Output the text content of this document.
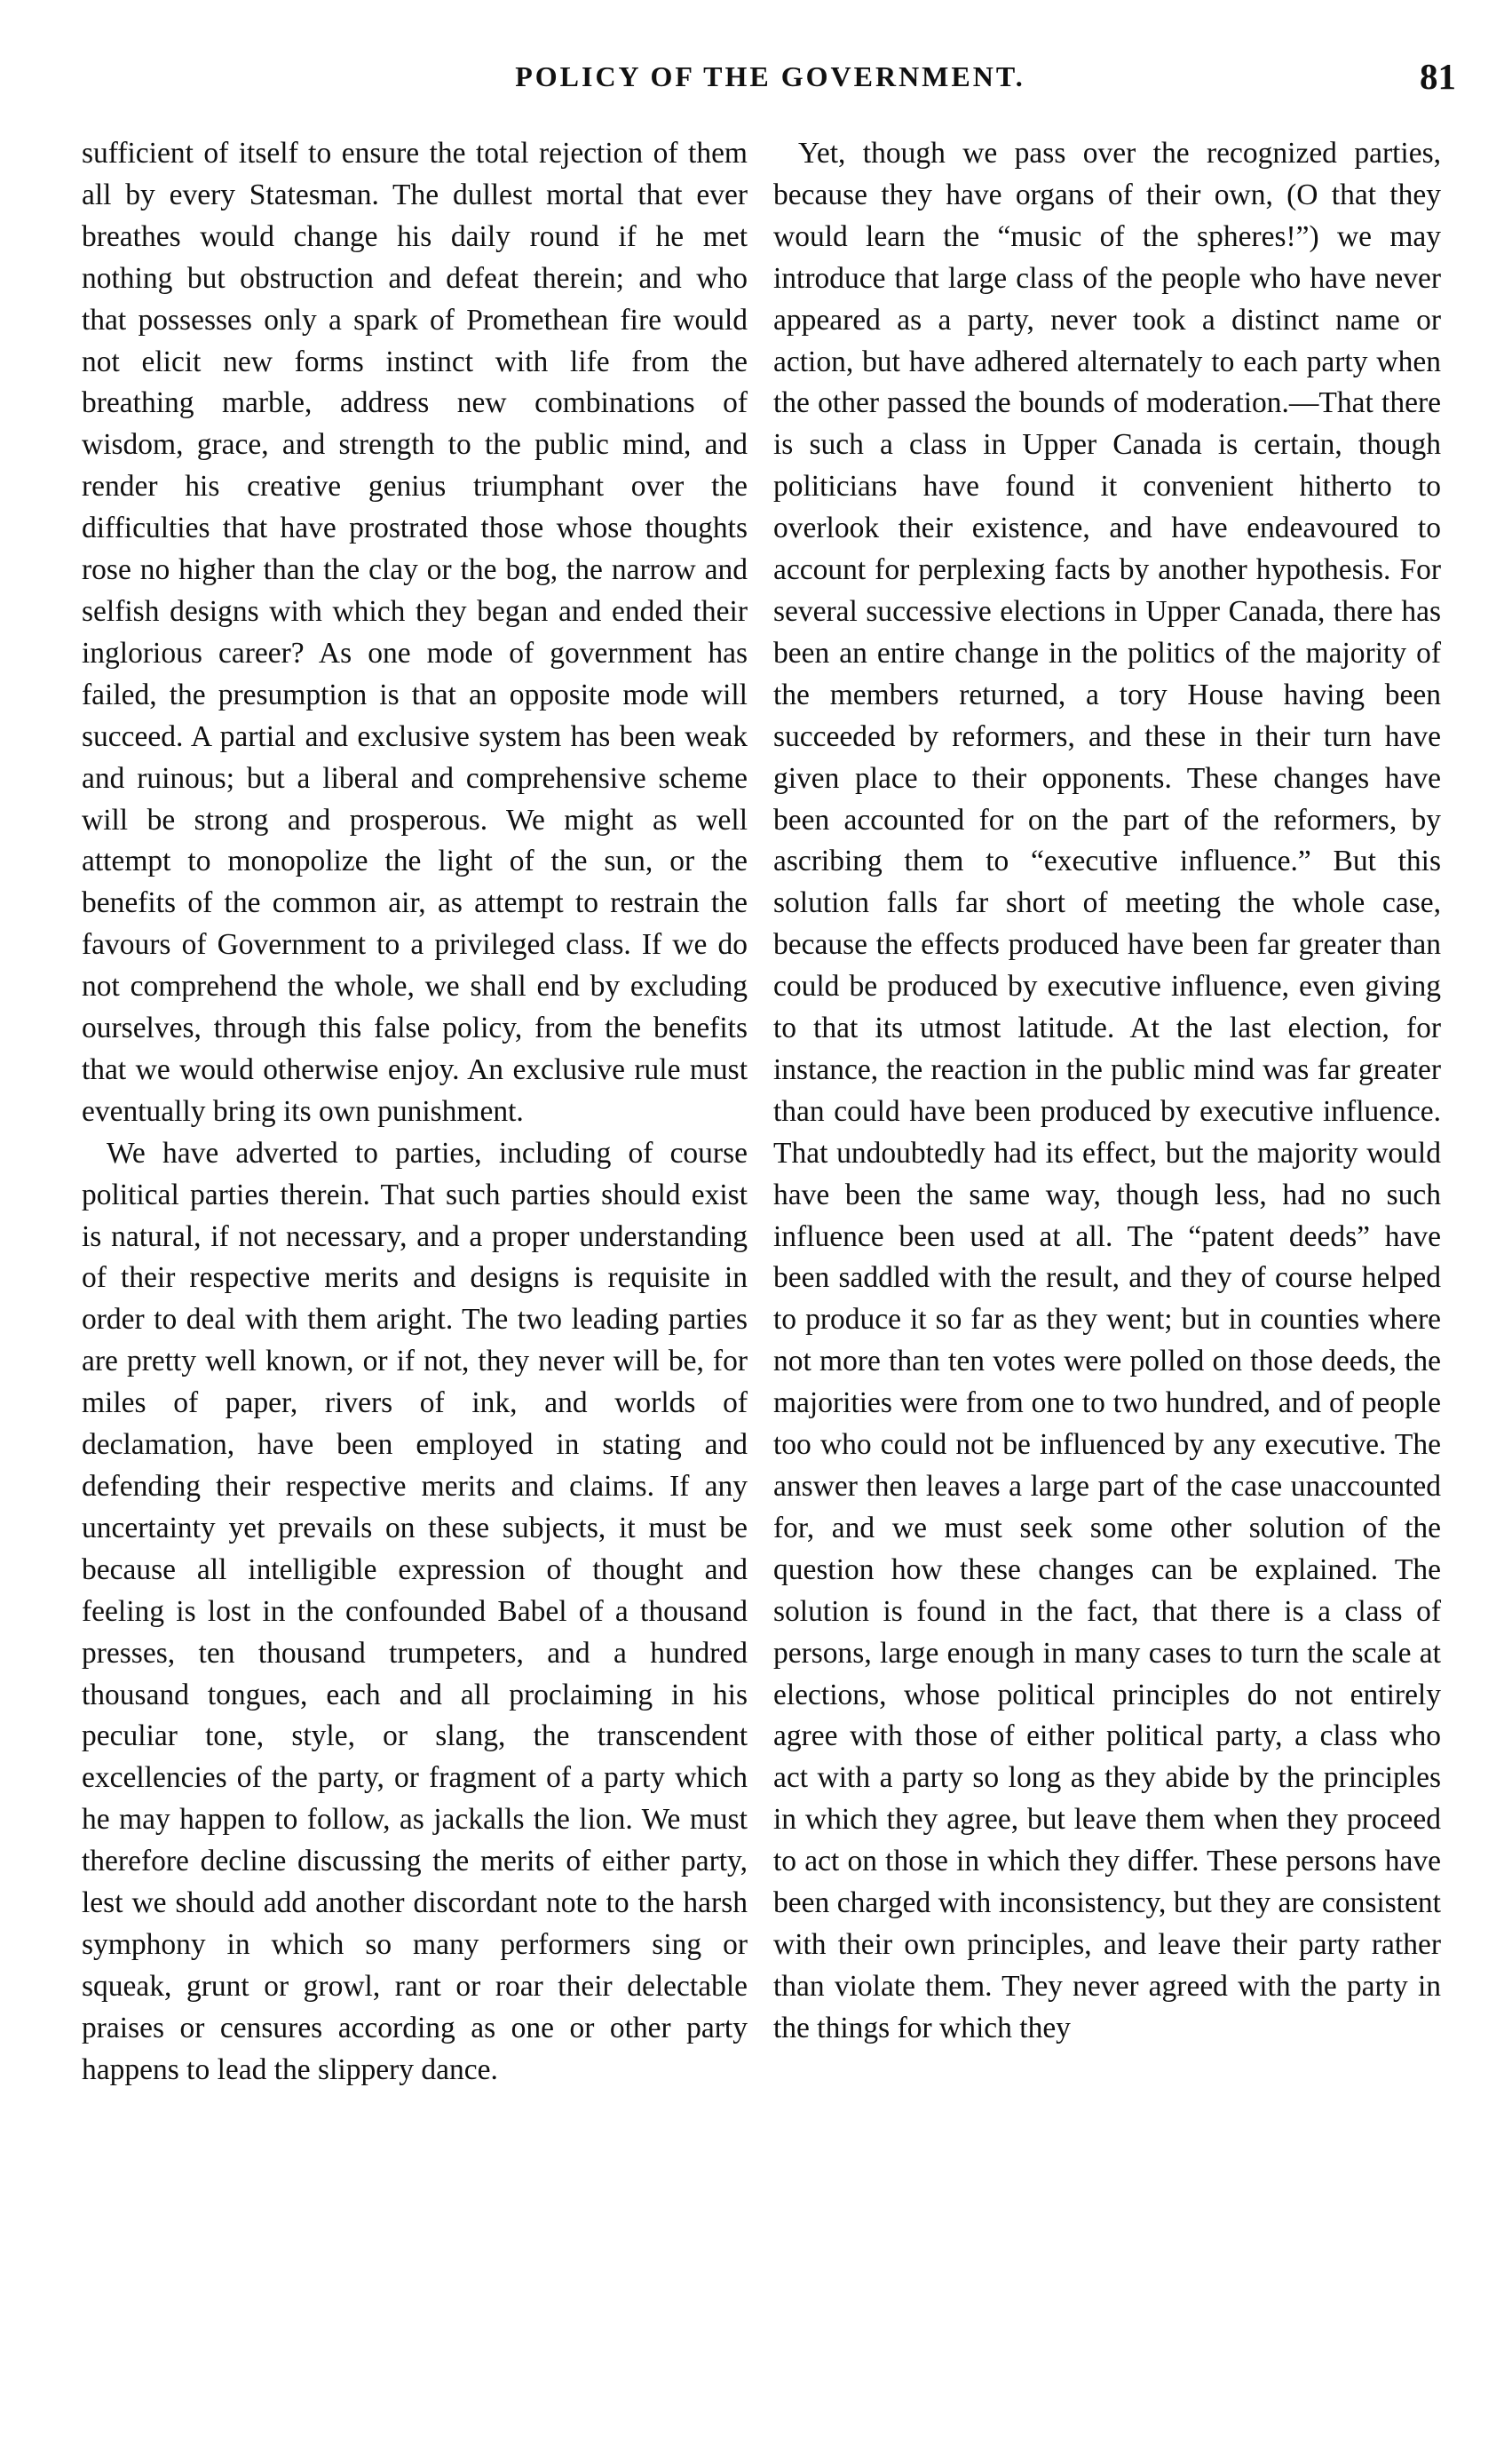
POLICY OF THE GOVERNMENT.	81

sufficient of itself to ensure the total rejection of them all by every Statesman. The dullest mortal that ever breathes would change his daily round if he met nothing but obstruction and defeat therein; and who that possesses only a spark of Promethean fire would not elicit new forms instinct with life from the breathing marble, address new combinations of wisdom, grace, and strength to the public mind, and render his creative genius triumphant over the difficulties that have prostrated those whose thoughts rose no higher than the clay or the bog, the narrow and selfish designs with which they began and ended their inglorious career? As one mode of government has failed, the presumption is that an opposite mode will succeed. A partial and exclusive system has been weak and ruinous; but a liberal and comprehensive scheme will be strong and prosperous. We might as well attempt to monopolize the light of the sun, or the benefits of the common air, as attempt to restrain the favours of Government to a privileged class. If we do not comprehend the whole, we shall end by excluding ourselves, through this false policy, from the benefits that we would otherwise enjoy. An exclusive rule must eventually bring its own punishment.

We have adverted to parties, including of course political parties therein. That such parties should exist is natural, if not necessary, and a proper understanding of their respective merits and designs is requisite in order to deal with them aright. The two leading parties are pretty well known, or if not, they never will be, for miles of paper, rivers of ink, and worlds of declamation, have been employed in stating and defending their respective merits and claims. If any uncertainty yet prevails on these subjects, it must be because all intelligible expression of thought and feeling is lost in the confounded Babel of a thousand presses, ten thousand trumpeters, and a hundred thousand tongues, each and all proclaiming in his peculiar tone, style, or slang, the transcendent excellencies of the party, or fragment of a party which he may happen to follow, as jackalls the lion. We must therefore decline discussing the merits of either party, lest we should add another discordant note to the harsh symphony in which so many performers sing or squeak, grunt or growl, rant or roar their delectable praises or censures according as one or other party happens to lead the slippery dance.

Yet, though we pass over the recognized parties, because they have organs of their own, (O that they would learn the “music of the spheres!”) we may introduce that large class of the people who have never appeared as a party, never took a distinct name or action, but have adhered alternately to each party when the other passed the bounds of moderation.—That there is such a class in Upper Canada is certain, though politicians have found it convenient hitherto to overlook their existence, and have endeavoured to account for perplexing facts by another hypothesis. For several successive elections in Upper Canada, there has been an entire change in the politics of the majority of the members returned, a tory House having been succeeded by reformers, and these in their turn have given place to their opponents. These changes have been accounted for on the part of the reformers, by ascribing them to “executive influence.” But this solution falls far short of meeting the whole case, because the effects produced have been far greater than could be produced by executive influence, even giving to that its utmost latitude. At the last election, for instance, the reaction in the public mind was far greater than could have been produced by executive influence. That undoubtedly had its effect, but the majority would have been the same way, though less, had no such influence been used at all. The “patent deeds” have been saddled with the result, and they of course helped to produce it so far as they went; but in counties where not more than ten votes were polled on those deeds, the majorities were from one to two hundred, and of people too who could not be influenced by any executive. The answer then leaves a large part of the case unaccounted for, and we must seek some other solution of the question how these changes can be explained. The solution is found in the fact, that there is a class of persons, large enough in many cases to turn the scale at elections, whose political principles do not entirely agree with those of either political party, a class who act with a party so long as they abide by the principles in which they agree, but leave them when they proceed to act on those in which they differ. These persons have been charged with inconsistency, but they are consistent with their own principles, and leave their party rather than violate them. They never agreed with the party in the things for which they
